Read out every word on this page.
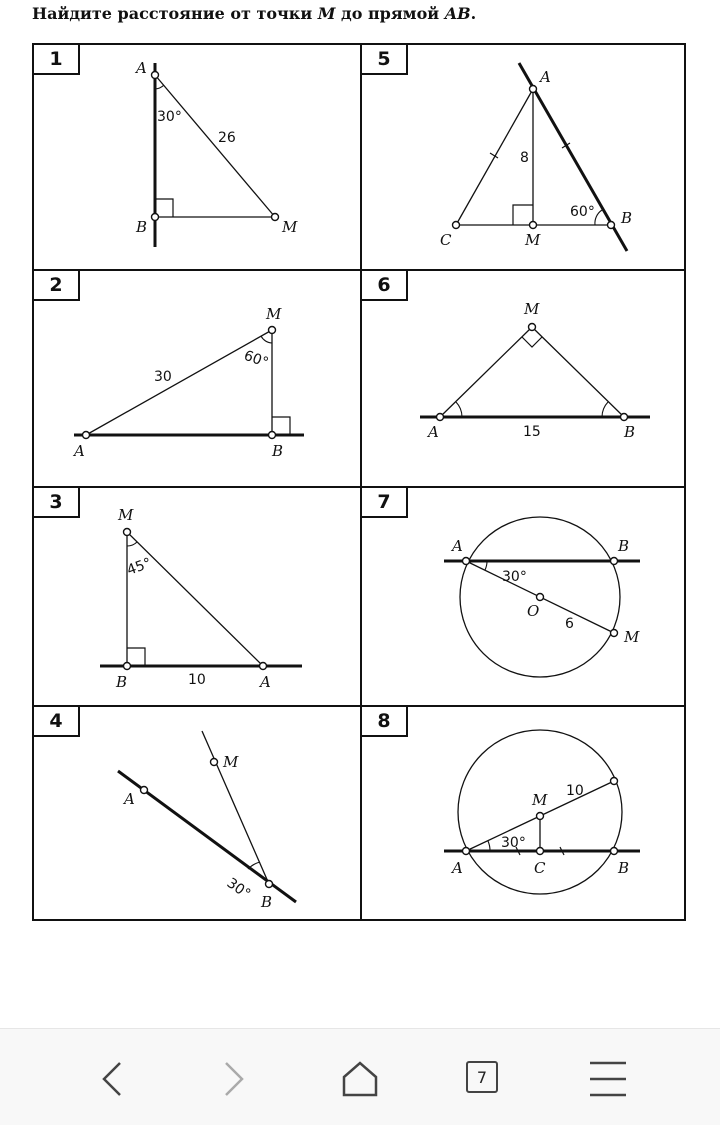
Найдите расстояние от точки M до прямой AB.
1	A
B	M
30°
26
5
A
C	M
B
8
60°
2
A	B
M
60°
30
6
A	B
M
15
3
M
B	A
45°
10
7
A	B
O
M
30°
6
4
A
M
B
30°
8
A	C	B
M
30°
10
7
